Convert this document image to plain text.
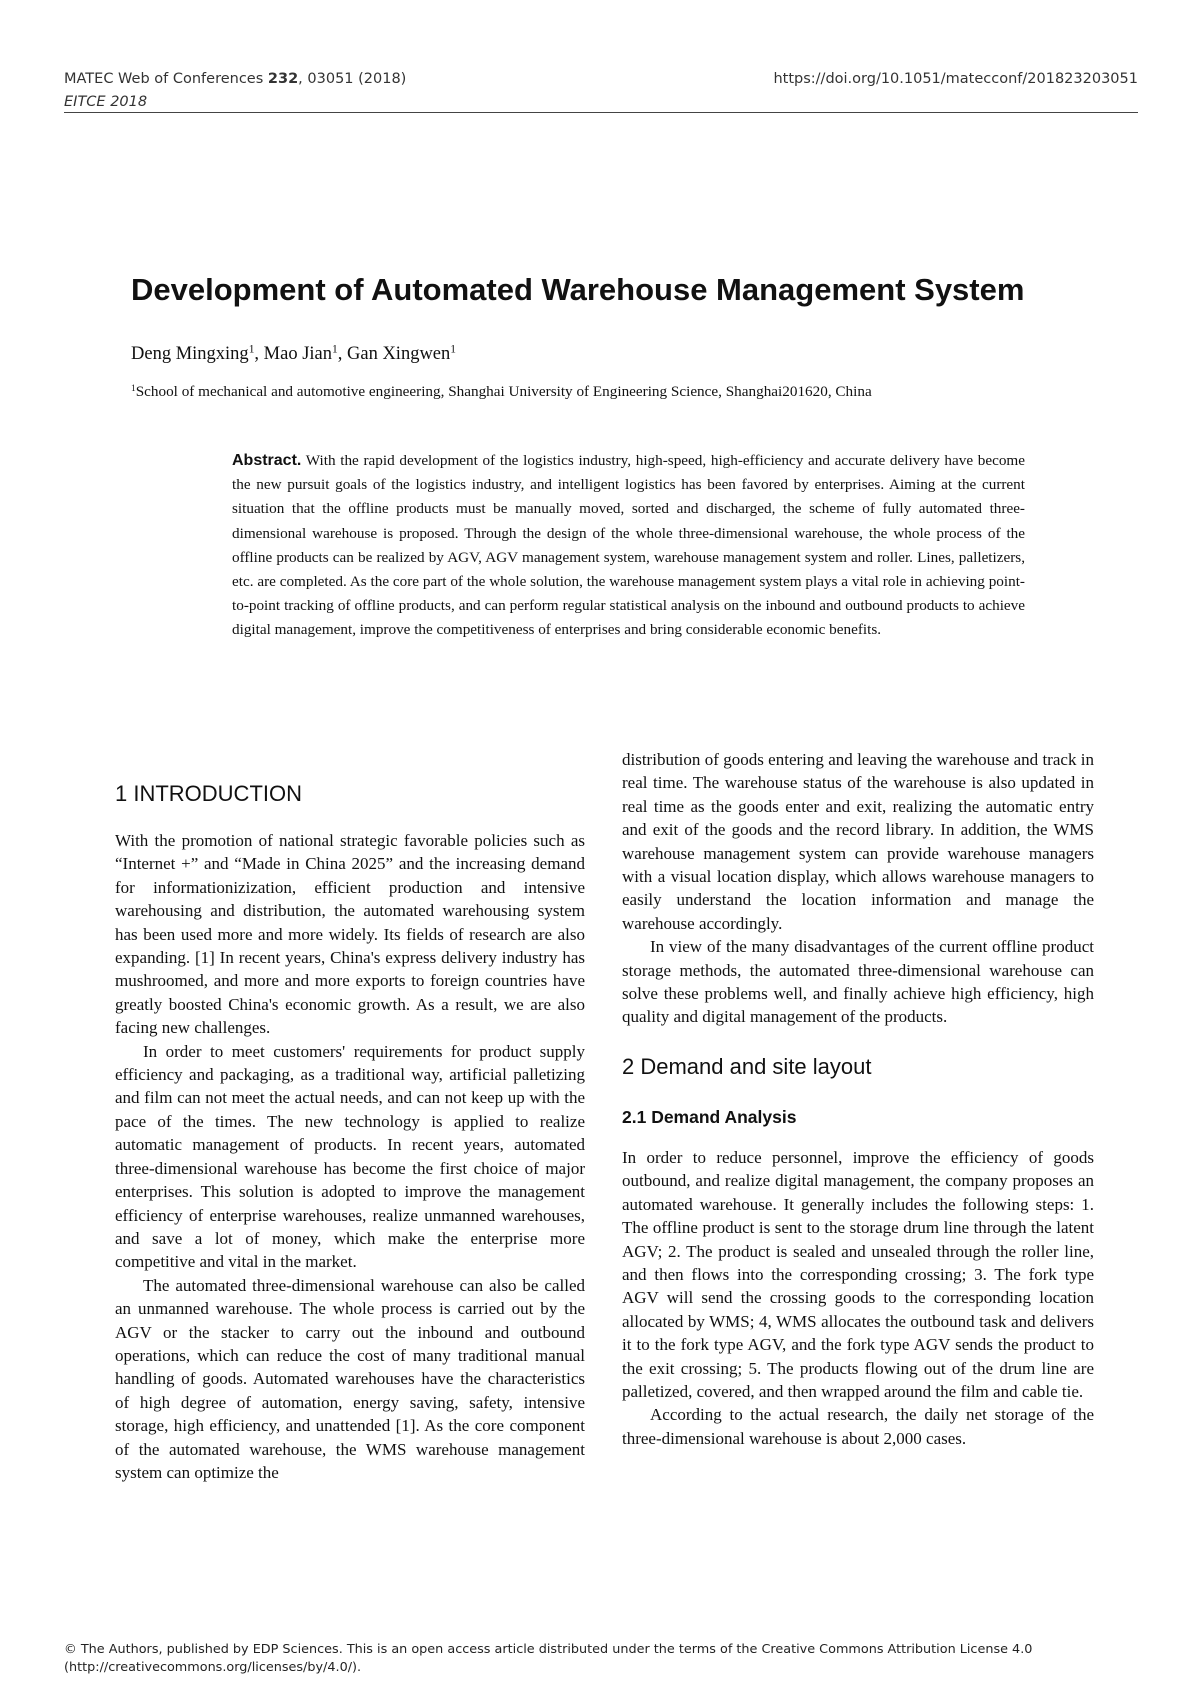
MATEC Web of Conferences 232, 03051 (2018)
EITCE 2018
https://doi.org/10.1051/matecconf/201823203051
Development of Automated Warehouse Management System
Deng Mingxing$^1$, Mao Jian$^1$, Gan Xingwen$^1$
$^1$School of mechanical and automotive engineering, Shanghai University of Engineering Science, Shanghai201620, China
Abstract. With the rapid development of the logistics industry, high-speed, high-efficiency and accurate delivery have become the new pursuit goals of the logistics industry, and intelligent logistics has been favored by enterprises. Aiming at the current situation that the offline products must be manually moved, sorted and discharged, the scheme of fully automated three-dimensional warehouse is proposed. Through the design of the whole three-dimensional warehouse, the whole process of the offline products can be realized by AGV, AGV management system, warehouse management system and roller. Lines, palletizers, etc. are completed. As the core part of the whole solution, the warehouse management system plays a vital role in achieving point-to-point tracking of offline products, and can perform regular statistical analysis on the inbound and outbound products to achieve digital management, improve the competitiveness of enterprises and bring considerable economic benefits.
1 INTRODUCTION

With the promotion of national strategic favorable policies such as “Internet +” and “Made in China 2025” and the increasing demand for informationizization, efficient production and intensive warehousing and distribution, the automated warehousing system has been used more and more widely. Its fields of research are also expanding. [1] In recent years, China's express delivery industry has mushroomed, and more and more exports to foreign countries have greatly boosted China's economic growth. As a result, we are also facing new challenges.

In order to meet customers' requirements for product supply efficiency and packaging, as a traditional way, artificial palletizing and film can not meet the actual needs, and can not keep up with the pace of the times. The new technology is applied to realize automatic management of products. In recent years, automated three-dimensional warehouse has become the first choice of major enterprises. This solution is adopted to improve the management efficiency of enterprise warehouses, realize unmanned warehouses, and save a lot of money, which make the enterprise more competitive and vital in the market.

The automated three-dimensional warehouse can also be called an unmanned warehouse. The whole process is carried out by the AGV or the stacker to carry out the inbound and outbound operations, which can reduce the cost of many traditional manual handling of goods. Automated warehouses have the characteristics of high degree of automation, energy saving, safety, intensive storage, high efficiency, and unattended [1]. As the core component of the automated warehouse, the WMS warehouse management system can optimize the

distribution of goods entering and leaving the warehouse and track in real time. The warehouse status of the warehouse is also updated in real time as the goods enter and exit, realizing the automatic entry and exit of the goods and the record library. In addition, the WMS warehouse management system can provide warehouse managers with a visual location display, which allows warehouse managers to easily understand the location information and manage the warehouse accordingly.

In view of the many disadvantages of the current offline product storage methods, the automated three-dimensional warehouse can solve these problems well, and finally achieve high efficiency, high quality and digital management of the products.

2 Demand and site layout
2.1 Demand Analysis

In order to reduce personnel, improve the efficiency of goods outbound, and realize digital management, the company proposes an automated warehouse. It generally includes the following steps: 1. The offline product is sent to the storage drum line through the latent AGV; 2. The product is sealed and unsealed through the roller line, and then flows into the corresponding crossing; 3. The fork type AGV will send the crossing goods to the corresponding location allocated by WMS; 4, WMS allocates the outbound task and delivers it to the fork type AGV, and the fork type AGV sends the product to the exit crossing; 5. The products flowing out of the drum line are palletized, covered, and then wrapped around the film and cable tie.

According to the actual research, the daily net storage of the three-dimensional warehouse is about 2,000 cases.

© The Authors, published by EDP Sciences. This is an open access article distributed under the terms of the Creative Commons Attribution License 4.0
(http://creativecommons.org/licenses/by/4.0/).
